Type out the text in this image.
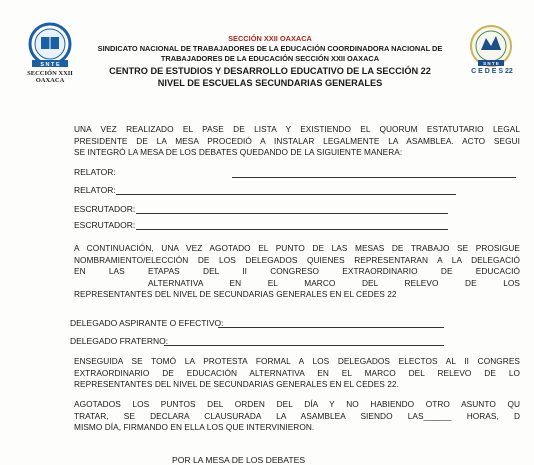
S N T E
SECCIÓN XXII
OAXACA
S N T E
C E D E S 22
SECCIÓN XXII OAXACA
SINDICATO NACIONAL DE TRABAJADORES DE LA EDUCACIÓN COORDINADORA NACIONAL DE
TRABAJADORES DE LA EDUCACIÓN SECCIÓN XXII OAXACA
CENTRO DE ESTUDIOS Y DESARROLLO EDUCATIVO DE LA SECCIÓN 22
NIVEL DE ESCUELAS SECUNDARIAS GENERALES
UNA VEZ REALIZADO EL PASE DE LISTA Y EXISTIENDO EL QUORUM ESTATUTARIO LEGAL
PRESIDENTE DE LA MESA PROCEDIÓ A INSTALAR LEGALMENTE LA ASAMBLEA. ACTO SEGUI
SE INTEGRÓ LA MESA DE LOS DEBATES QUEDANDO DE LA SIGUIENTE MANERA:
RELATOR:
RELATOR:
ESCRUTADOR:
ESCRUTADOR:
A CONTINUACIÓN, UNA VEZ AGOTADO EL PUNTO DE LAS MESAS DE TRABAJO SE PROSIGUE
NOMBRAMIENTO/ELECCIÓN DE LOS DELEGADOS QUIENES REPRESENTARAN A LA DELEGACIÓ
EN LAS ETAPAS DEL II CONGRESO EXTRAORDINARIO DE EDUCACIÓ
ALTERNATIVA EN EL MARCO DEL RELEVO DE LOS
REPRESENTANTES DEL NIVEL DE SECUNDARIAS GENERALES EN EL CEDES 22
DELEGADO ASPIRANTE O EFECTIVO:
DELEGADO FRATERNO:
ENSEGUIDA SE TOMÓ LA PROTESTA FORMAL A LOS DELEGADOS ELECTOS AL II CONGRES
EXTRAORDINARIO DE EDUCACIÓN ALTERNATIVA EN EL MARCO DEL RELEVO DE LO
REPRESENTANTES DEL NIVEL DE SECUNDARIAS GENERALES EN EL CEDES 22.
AGOTADOS LOS PUNTOS DEL ORDEN DEL DÍA Y NO HABIENDO OTRO ASUNTO QU
TRATAR, SE DECLARA CLAUSURADA LA ASAMBLEA SIENDO LAS______ HORAS, D
MISMO DÍA, FIRMANDO EN ELLA LOS QUE INTERVINIERON.
POR LA MESA DE LOS DEBATES
